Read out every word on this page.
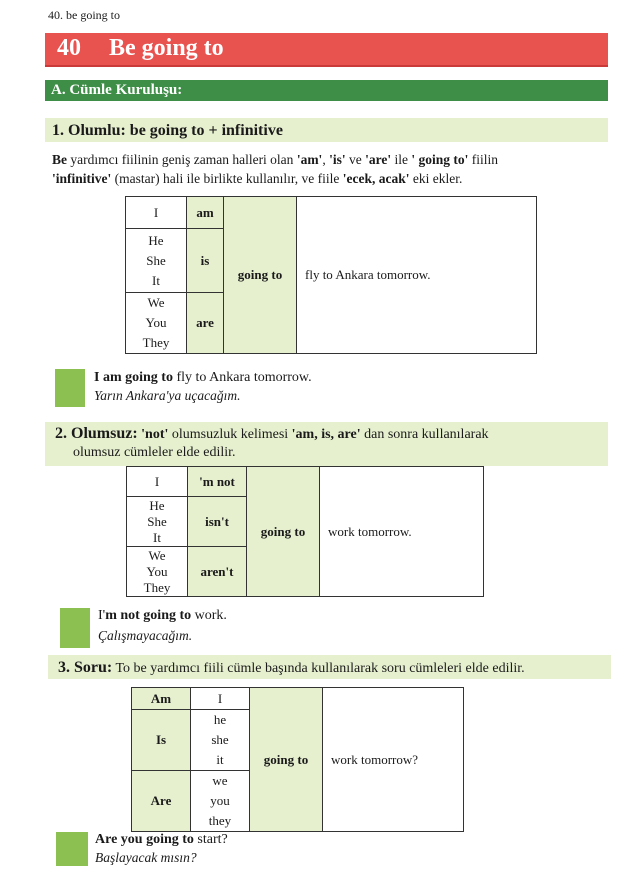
40. be going to
40 Be going to
A. Cümle Kuruluşu:
1. Olumlu: be going to + infinitive
Be yardımcı fiilinin geniş zaman halleri olan 'am', 'is' ve 'are' ile ' going to' fiilin
'infinitive' (mastar) hali ile birlikte kullanılır, ve fiile 'ecek, acak' eki ekler.
I	am	going to	fly to Ankara tomorrow.
He
She
It	is		
We
You
They	are		
I am going to fly to Ankara tomorrow.
Yarın Ankara'ya uçacağım.
2. Olumsuz: 'not' olumsuzluk kelimesi 'am, is, are' dan sonra kullanılarak
olumsuz cümleler elde edilir.
I	'm not	going to	work tomorrow.
He
She
It	isn't		
We
You
They	aren't		
I'm not going to work.
Çalışmayacağım.
3. Soru: To be yardımcı fiili cümle başında kullanılarak soru cümleleri elde edilir.
Am	I	going to	work tomorrow?
Is	he
she
it		
Are	we
you
they		
Are you going to start?
Başlayacak mısın?
